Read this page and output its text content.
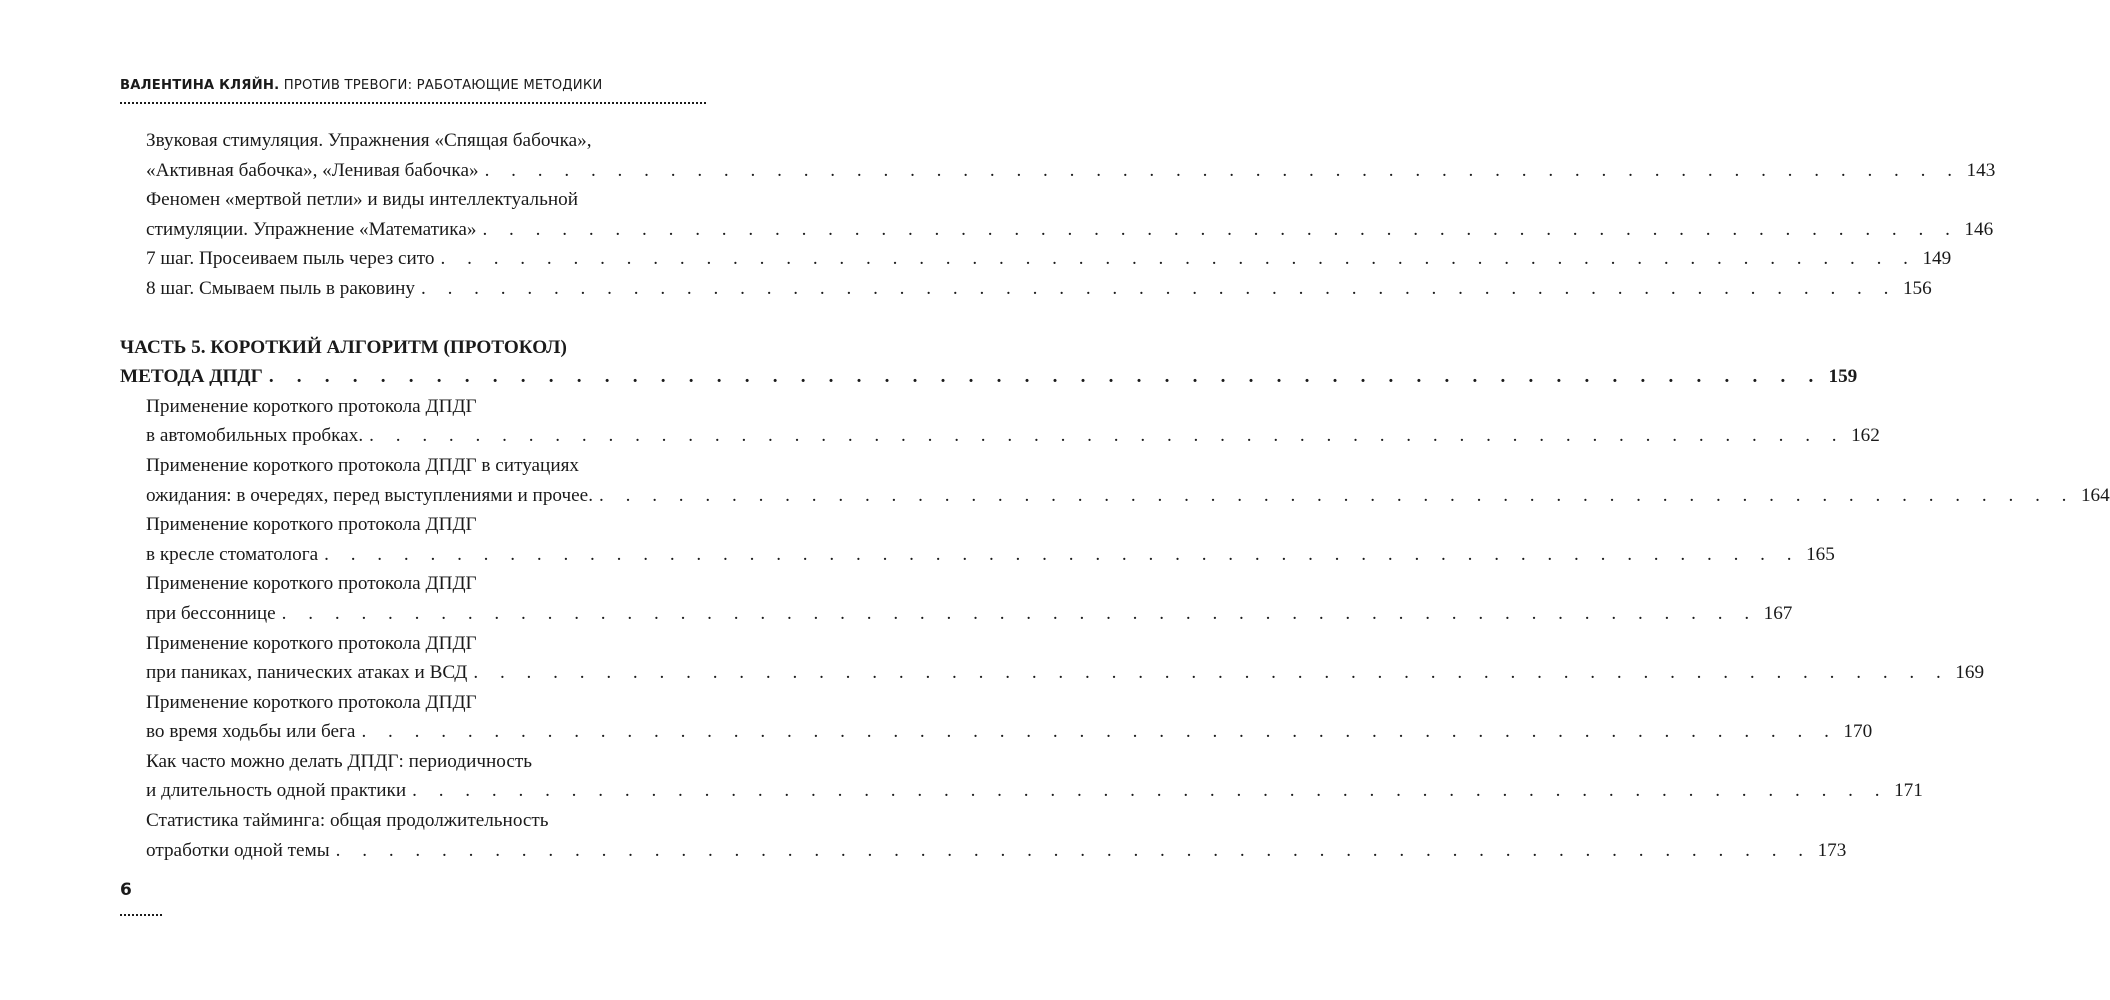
ВАЛЕНТИНА КЛЯЙН. ПРОТИВ ТРЕВОГИ: РАБОТАЮЩИЕ МЕТОДИКИ
Звуковая стимуляция. Упражнения «Спящая бабочка»,
«Активная бабочка», «Ленивая бабочка» . . . . . . . . . . . . . . . . . . . . . . . . . . . . . . . . . . . . . . . . . . . . . . . . . . . . . . . . 143
Феномен «мертвой петли» и виды интеллектуальной
стимуляции. Упражнение «Математика» . . . . . . . . . . . . . . . . . . . . . . . . . . . . . . . . . . . . . . . . . . . . . . . . . . . . . . . . 146
7 шаг. Просеиваем пыль через сито . . . . . . . . . . . . . . . . . . . . . . . . . . . . . . . . . . . . . . . . . . . . . . . . . . . . . . . . 149
8 шаг. Смываем пыль в раковину . . . . . . . . . . . . . . . . . . . . . . . . . . . . . . . . . . . . . . . . . . . . . . . . . . . . . . . . 156
ЧАСТЬ 5. КОРОТКИЙ АЛГОРИТМ (ПРОТОКОЛ)
МЕТОДА ДПДГ . . . . . . . . . . . . . . . . . . . . . . . . . . . . . . . . . . . . . . . . . . . . . . . . . . . . . . . . 159
Применение короткого протокола ДПДГ
в автомобильных пробках. . . . . . . . . . . . . . . . . . . . . . . . . . . . . . . . . . . . . . . . . . . . . . . . . . . . . . . . . 162
Применение короткого протокола ДПДГ в ситуациях
ожидания: в очередях, перед выступлениями и прочее. . . . . . . . . . . . . . . . . . . . . . . . . . . . . . . . . . . . . . . . . . . . . . . . . . . . . . . . . 164
Применение короткого протокола ДПДГ
в кресле стоматолога . . . . . . . . . . . . . . . . . . . . . . . . . . . . . . . . . . . . . . . . . . . . . . . . . . . . . . . . 165
Применение короткого протокола ДПДГ
при бессоннице . . . . . . . . . . . . . . . . . . . . . . . . . . . . . . . . . . . . . . . . . . . . . . . . . . . . . . . . 167
Применение короткого протокола ДПДГ
при паниках, панических атаках и ВСД . . . . . . . . . . . . . . . . . . . . . . . . . . . . . . . . . . . . . . . . . . . . . . . . . . . . . . . . 169
Применение короткого протокола ДПДГ
во время ходьбы или бега . . . . . . . . . . . . . . . . . . . . . . . . . . . . . . . . . . . . . . . . . . . . . . . . . . . . . . . . 170
Как часто можно делать ДПДГ: периодичность
и длительность одной практики . . . . . . . . . . . . . . . . . . . . . . . . . . . . . . . . . . . . . . . . . . . . . . . . . . . . . . . . 171
Статистика тайминга: общая продолжительность
отработки одной темы . . . . . . . . . . . . . . . . . . . . . . . . . . . . . . . . . . . . . . . . . . . . . . . . . . . . . . . . 173
6
